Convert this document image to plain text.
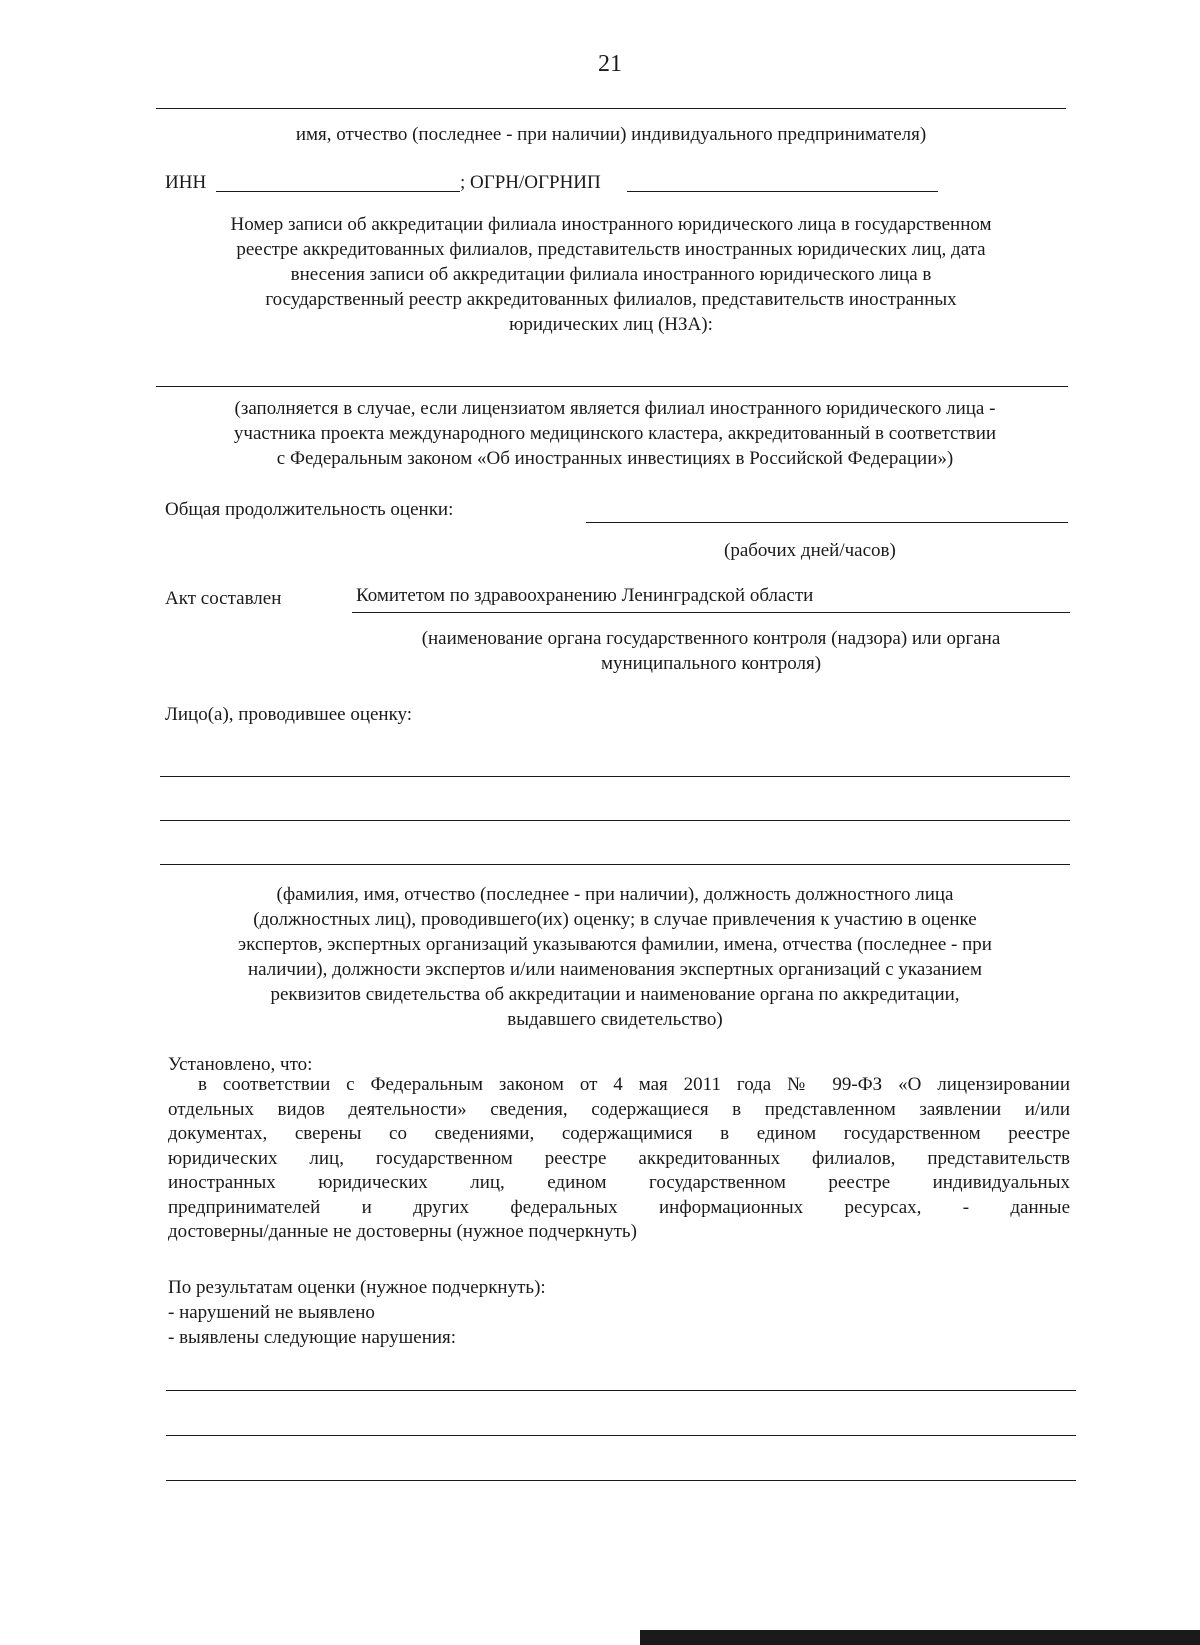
21
имя, отчество (последнее - при наличии) индивидуального предпринимателя)
ИНН	; ОГРН/ОГРНИП
Номер записи об аккредитации филиала иностранного юридического лица в государственном
реестре аккредитованных филиалов, представительств иностранных юридических лиц, дата
внесения записи об аккредитации филиала иностранного юридического лица в
государственный реестр аккредитованных филиалов, представительств иностранных
юридических лиц (НЗА):
(заполняется в случае, если лицензиатом является филиал иностранного юридического лица -
участника проекта международного медицинского кластера, аккредитованный в соответствии
с Федеральным законом «Об иностранных инвестициях в Российской Федерации»)
Общая продолжительность оценки:
(рабочих дней/часов)
Акт составлен	Комитетом по здравоохранению Ленинградской области
(наименование органа государственного контроля (надзора) или органа
муниципального контроля)
Лицо(а), проводившее оценку:
(фамилия, имя, отчество (последнее - при наличии), должность должностного лица
(должностных лиц), проводившего(их) оценку; в случае привлечения к участию в оценке
экспертов, экспертных организаций указываются фамилии, имена, отчества (последнее - при
наличии), должности экспертов и/или наименования экспертных организаций с указанием
реквизитов свидетельства об аккредитации и наименование органа по аккредитации,
выдавшего свидетельство)
Установлено, что:

в соответствии с Федеральным законом от 4 мая 2011 года № 99-ФЗ «О лицензировании

отдельных видов деятельности» сведения, содержащиеся в представленном заявлении и/или

документах, сверены со сведениями, содержащимися в едином государственном реестре

юридических лиц, государственном реестре аккредитованных филиалов, представительств

иностранных юридических лиц, едином государственном реестре индивидуальных

предпринимателей и других федеральных информационных ресурсах, - данные

достоверны/данные не достоверны (нужное подчеркнуть)

По результатам оценки (нужное подчеркнуть):
- нарушений не выявлено
- выявлены следующие нарушения:
